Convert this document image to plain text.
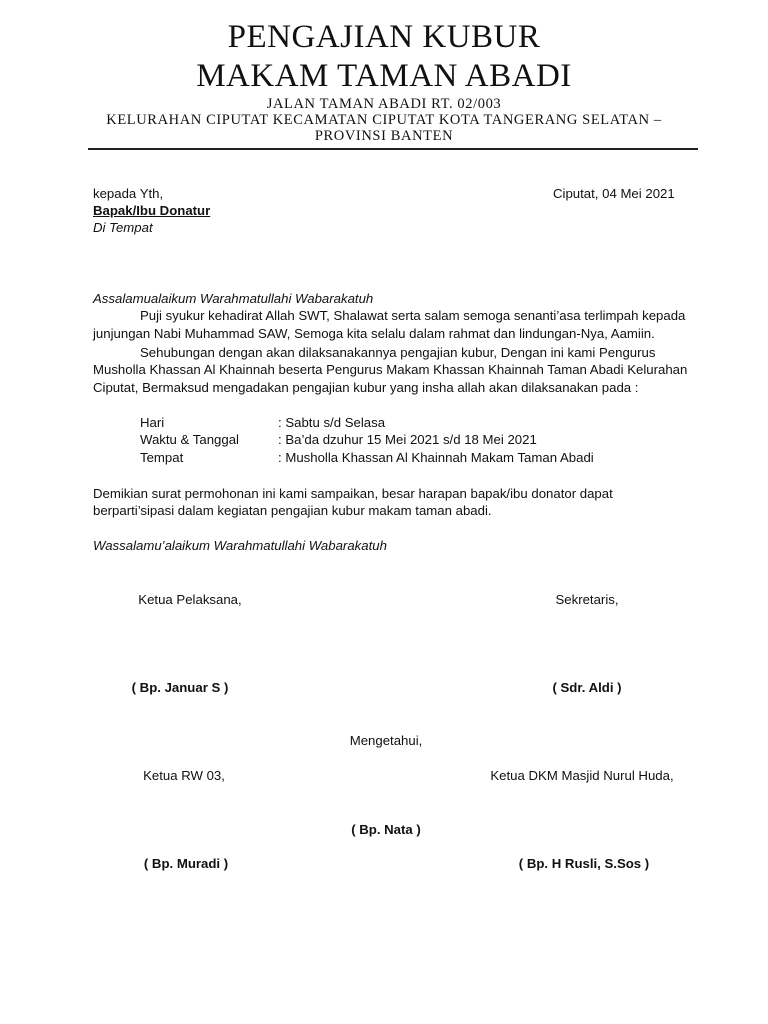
PENGAJIAN KUBUR
MAKAM TAMAN ABADI
JALAN TAMAN ABADI RT. 02/003
KELURAHAN CIPUTAT KECAMATAN CIPUTAT KOTA TANGERANG SELATAN –
PROVINSI BANTEN
kepada Yth,	Ciputat, 04 Mei 2021
Bapak/Ibu Donatur
Di Tempat
Assalamualaikum Warahmatullahi Wabarakatuh
Puji syukur kehadirat Allah SWT, Shalawat serta salam semoga senanti’asa terlimpah kepada
junjungan Nabi Muhammad SAW, Semoga kita selalu dalam rahmat dan lindungan-Nya, Aamiin.
Sehubungan dengan akan dilaksanakannya pengajian kubur, Dengan ini kami Pengurus
Musholla Khassan Al Khainnah beserta Pengurus Makam Khassan Khainnah Taman Abadi Kelurahan
Ciputat, Bermaksud mengadakan pengajian kubur yang insha allah akan dilaksanakan pada :
Hari	: Sabtu s/d Selasa
Waktu & Tanggal	: Ba’da dzuhur 15 Mei 2021 s/d 18 Mei 2021
Tempat	: Musholla Khassan Al Khainnah Makam Taman Abadi
Demikian surat permohonan ini kami sampaikan, besar harapan bapak/ibu donator dapat
berparti’sipasi dalam kegiatan pengajian kubur makam taman abadi.
Wassalamu’alaikum Warahmatullahi Wabarakatuh
Ketua Pelaksana,	Sekretaris,
( Bp. Januar S )	( Sdr. Aldi )
Mengetahui,
Ketua RW 03,	Ketua DKM Masjid Nurul Huda,
( Bp. Nata )
( Bp. Muradi )	( Bp. H Rusli, S.Sos )
